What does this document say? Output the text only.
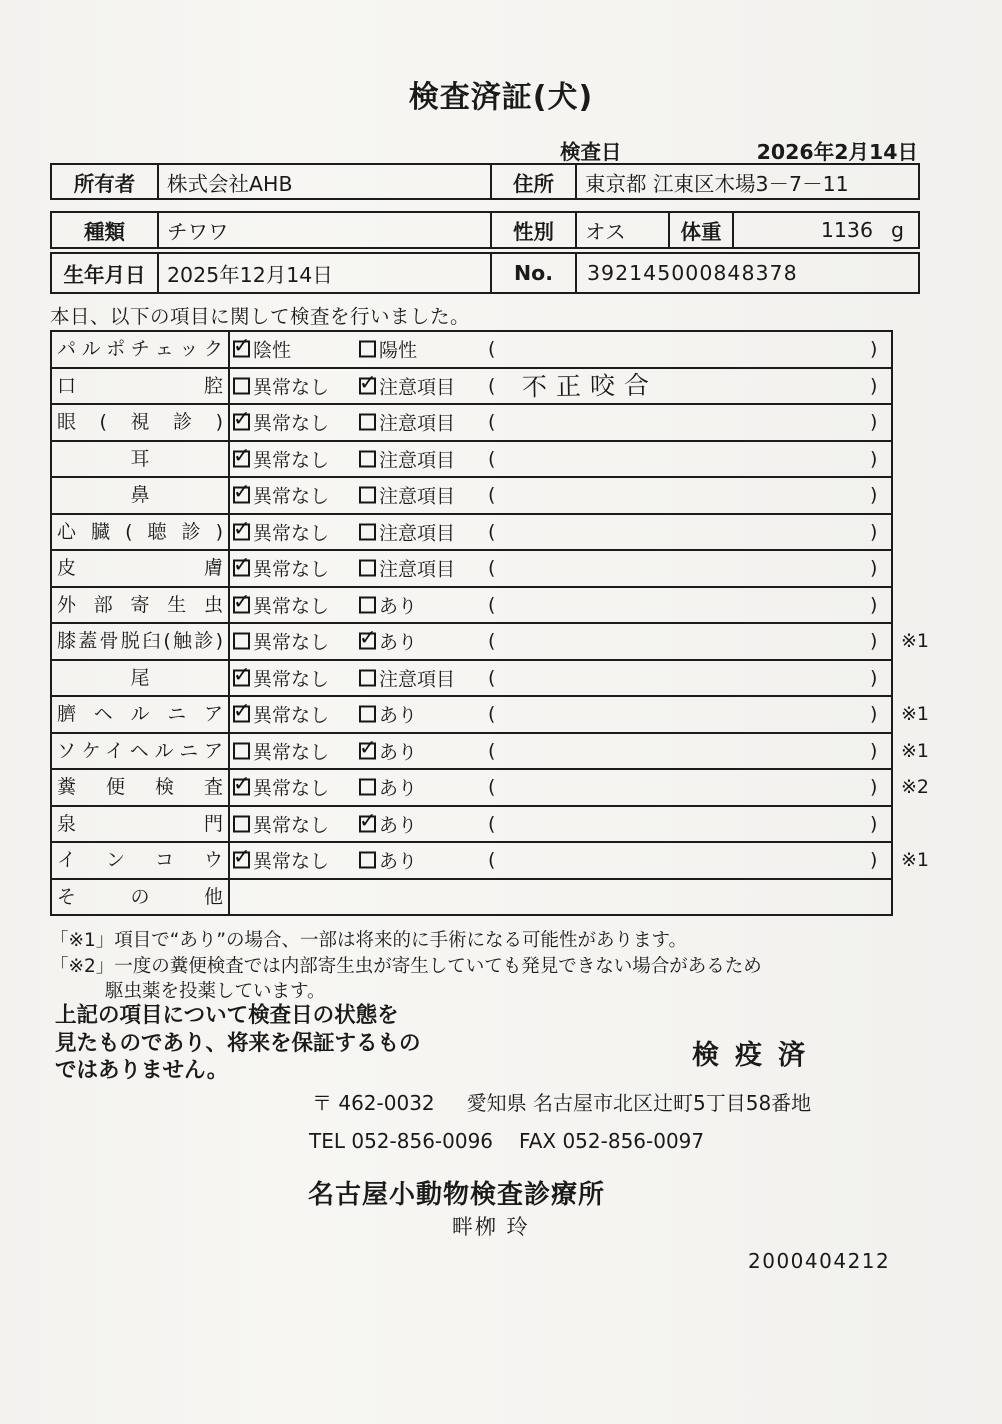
検査済証(犬)
検査日	2026年2月14日
所有者	株式会社AHB	住所	東京都 江東区木場3－7－11
種類	チワワ	性別	オス	体重	1136 g
生年月日	2025年12月14日	No.	392145000848378
本日、以下の項目に関して検査を行いました。
パルポチェック ✓	陰性	陽性	(	)
口腔	異常なし ✓	注意項目 ( 不正咬合	)
眼(視診) ✓	異常なし	注意項目 (	)
耳 ✓	異常なし	注意項目 (	)
鼻 ✓	異常なし	注意項目 (	)
心臓(聴診) ✓	異常なし	注意項目 (	)
皮膚 ✓	異常なし	注意項目 (	)
外部寄生虫 ✓	異常なし	あり	(	)
膝蓋骨脱臼(触診)	異常なし ✓	あり	(	) ※1
尾 ✓	異常なし	注意項目 (	)
臍ヘルニア ✓	異常なし	あり	(	) ※1
ソケイヘルニア	異常なし ✓	あり	(	) ※1
糞便検査 ✓	異常なし	あり	(	) ※2
泉門	異常なし ✓	あり	(	)
インコウ ✓	異常なし	あり	(	) ※1
その他
「※1」項目で“あり”の場合、一部は将来的に手術になる可能性があります。
「※2」一度の糞便検査では内部寄生虫が寄生していても発見できない場合があるため
駆虫薬を投薬しています。
上記の項目について検査日の状態を
見たものであり、将来を保証するもの
ではありません。	検疫済
〒 462-0032 愛知県 名古屋市北区辻町5丁目58番地
TEL 052-856-0096 FAX 052-856-0097
名古屋小動物検査診療所
畔栁 玲
2000404212
